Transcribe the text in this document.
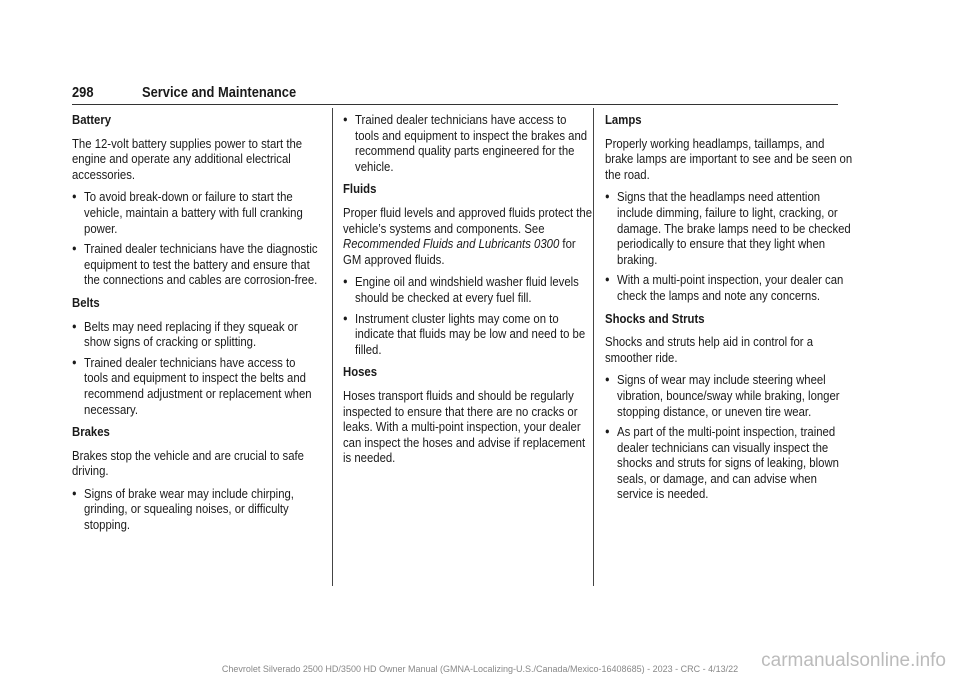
298	Service and Maintenance
Battery

The 12-volt battery supplies power to start the engine and operate any additional electrical accessories.

● To avoid break-down or failure to start the vehicle, maintain a battery with full cranking power.
● Trained dealer technicians have the diagnostic equipment to test the battery and ensure that the connections and cables are corrosion-free.
Belts
● Belts may need replacing if they squeak or show signs of cracking or splitting.
● Trained dealer technicians have access to tools and equipment to inspect the belts and recommend adjustment or replacement when necessary.
Brakes

Brakes stop the vehicle and are crucial to safe driving.

● Signs of brake wear may include chirping, grinding, or squealing noises, or difficulty stopping.
● Trained dealer technicians have access to tools and equipment to inspect the brakes and recommend quality parts engineered for the vehicle.
Fluids

Proper fluid levels and approved fluids protect the vehicle’s systems and components. See Recommended Fluids and Lubricants 0300 for GM approved fluids.

● Engine oil and windshield washer fluid levels should be checked at every fuel fill.
● Instrument cluster lights may come on to indicate that fluids may be low and need to be filled.
Hoses

Hoses transport fluids and should be regularly inspected to ensure that there are no cracks or leaks. With a multi-point inspection, your dealer can inspect the hoses and advise if replacement is needed.

Lamps

Properly working headlamps, taillamps, and brake lamps are important to see and be seen on the road.

● Signs that the headlamps need attention include dimming, failure to light, cracking, or damage. The brake lamps need to be checked periodically to ensure that they light when braking.
● With a multi-point inspection, your dealer can check the lamps and note any concerns.
Shocks and Struts

Shocks and struts help aid in control for a smoother ride.

● Signs of wear may include steering wheel vibration, bounce/sway while braking, longer stopping distance, or uneven tire wear.
● As part of the multi-point inspection, trained dealer technicians can visually inspect the shocks and struts for signs of leaking, blown seals, or damage, and can advise when service is needed.
Chevrolet Silverado 2500 HD/3500 HD Owner Manual (GMNA-Localizing-U.S./Canada/Mexico-16408685) - 2023 - CRC - 4/13/22	carmanualsonline.info
